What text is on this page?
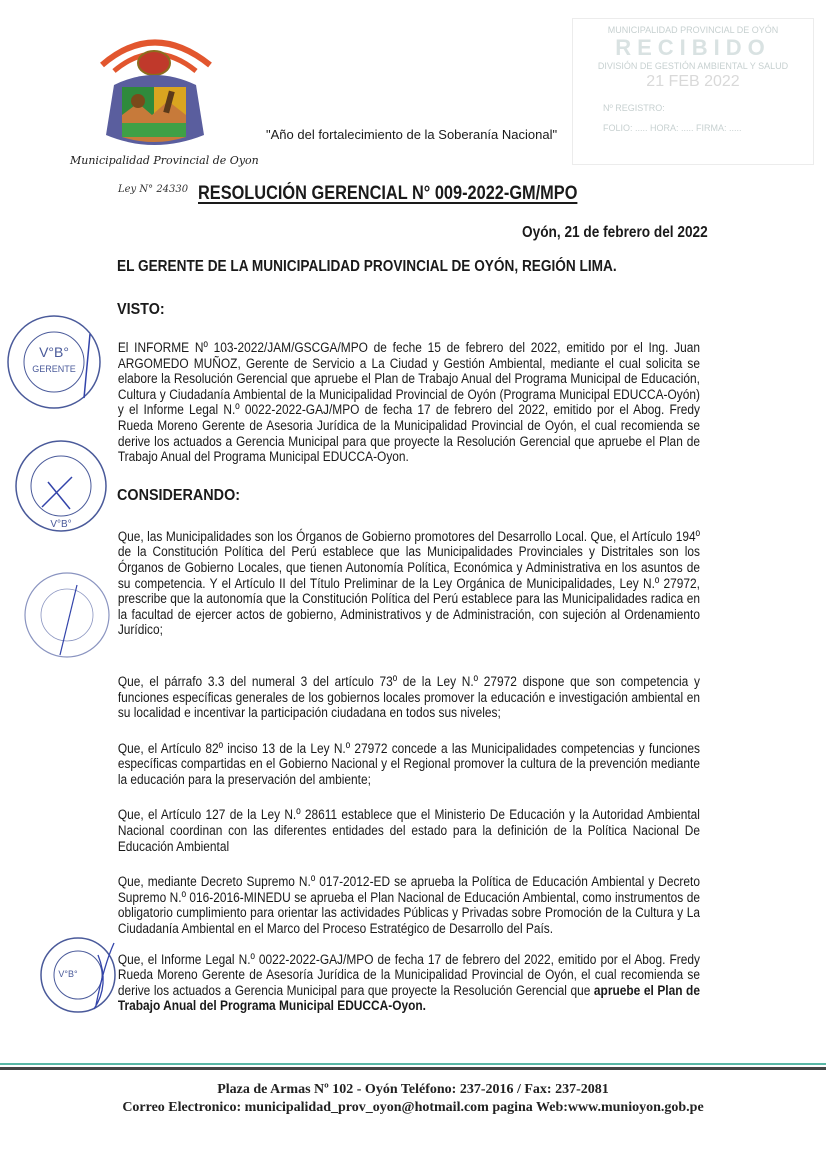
"Año del fortalecimiento de la Soberanía Nacional"
Municipalidad Provincial de Oyon
Ley N° 24330 RESOLUCIÓN GERENCIAL N° 009-2022-GM/MPO
MUNICIPALIDAD PROVINCIAL DE OYÓN
RECIBIDO
DIVISIÓN DE GESTIÓN AMBIENTAL Y SALUD
21 FEB 2022
Nº REGISTRO:
FOLIO: ..... HORA: ..... FIRMA: .....
Oyón, 21 de febrero del 2022
EL GERENTE DE LA MUNICIPALIDAD PROVINCIAL DE OYÓN, REGIÓN LIMA.
VISTO:

El INFORME Nº 103-2022/JAM/GSCGA/MPO de feche 15 de febrero del 2022, emitido por el Ing. Juan ARGOMEDO MUÑOZ, Gerente de Servicio a La Ciudad y Gestión Ambiental, mediante el cual solicita se elabore la Resolución Gerencial que apruebe el Plan de Trabajo Anual del Programa Municipal de Educación, Cultura y Ciudadanía Ambiental de la Municipalidad Provincial de Oyón (Programa Municipal EDUCCA-Oyón) y el Informe Legal N.º 0022-2022-GAJ/MPO de fecha 17 de febrero del 2022, emitido por el Abog. Fredy Rueda Moreno Gerente de Asesoria Jurídica de la Municipalidad Provincial de Oyón, el cual recomienda se derive los actuados a Gerencia Municipal para que proyecte la Resolución Gerencial que apruebe el Plan de Trabajo Anual del Programa Municipal EDUCCA-Oyon.

CONSIDERANDO:

Que, las Municipalidades son los Órganos de Gobierno promotores del Desarrollo Local. Que, el Artículo 194º de la Constitución Política del Perú establece que las Municipalidades Provinciales y Distritales son los Órganos de Gobierno Locales, que tienen Autonomía Política, Económica y Administrativa en los asuntos de su competencia. Y el Artículo II del Título Preliminar de la Ley Orgánica de Municipalidades, Ley N.º 27972, prescribe que la autonomía que la Constitución Política del Perú establece para las Municipalidades radica en la facultad de ejercer actos de gobierno, Administrativos y de Administración, con sujeción al Ordenamiento Jurídico;

Que, el párrafo 3.3 del numeral 3 del artículo 73º de la Ley N.º 27972 dispone que son competencia y funciones específicas generales de los gobiernos locales promover la educación e investigación ambiental en su localidad e incentivar la participación ciudadana en todos sus niveles;

Que, el Artículo 82º inciso 13 de la Ley N.º 27972 concede a las Municipalidades competencias y funciones específicas compartidas en el Gobierno Nacional y el Regional promover la cultura de la prevención mediante la educación para la preservación del ambiente;

Que, el Artículo 127 de la Ley N.º 28611 establece que el Ministerio De Educación y la Autoridad Ambiental Nacional coordinan con las diferentes entidades del estado para la definición de la Política Nacional De Educación Ambiental

Que, mediante Decreto Supremo N.º 017-2012-ED se aprueba la Política de Educación Ambiental y Decreto Supremo N.º 016-2016-MINEDU se aprueba el Plan Nacional de Educación Ambiental, como instrumentos de obligatorio cumplimiento para orientar las actividades Públicas y Privadas sobre Promoción de la Cultura y La Ciudadanía Ambiental en el Marco del Proceso Estratégico de Desarrollo del País.

Que, el Informe Legal N.º 0022-2022-GAJ/MPO de fecha 17 de febrero del 2022, emitido por el Abog. Fredy Rueda Moreno Gerente de Asesoría Jurídica de la Municipalidad Provincial de Oyón, el cual recomienda se derive los actuados a Gerencia Municipal para que proyecte la Resolución Gerencial que apruebe el Plan de Trabajo Anual del Programa Municipal EDUCCA-Oyon.

V°B°
GERENTE
V°B°
V°B°
Plaza de Armas Nº 102 - Oyón Teléfono: 237-2016 / Fax: 237-2081
Correo Electronico: municipalidad_prov_oyon@hotmail.com pagina Web:www.munioyon.gob.pe
